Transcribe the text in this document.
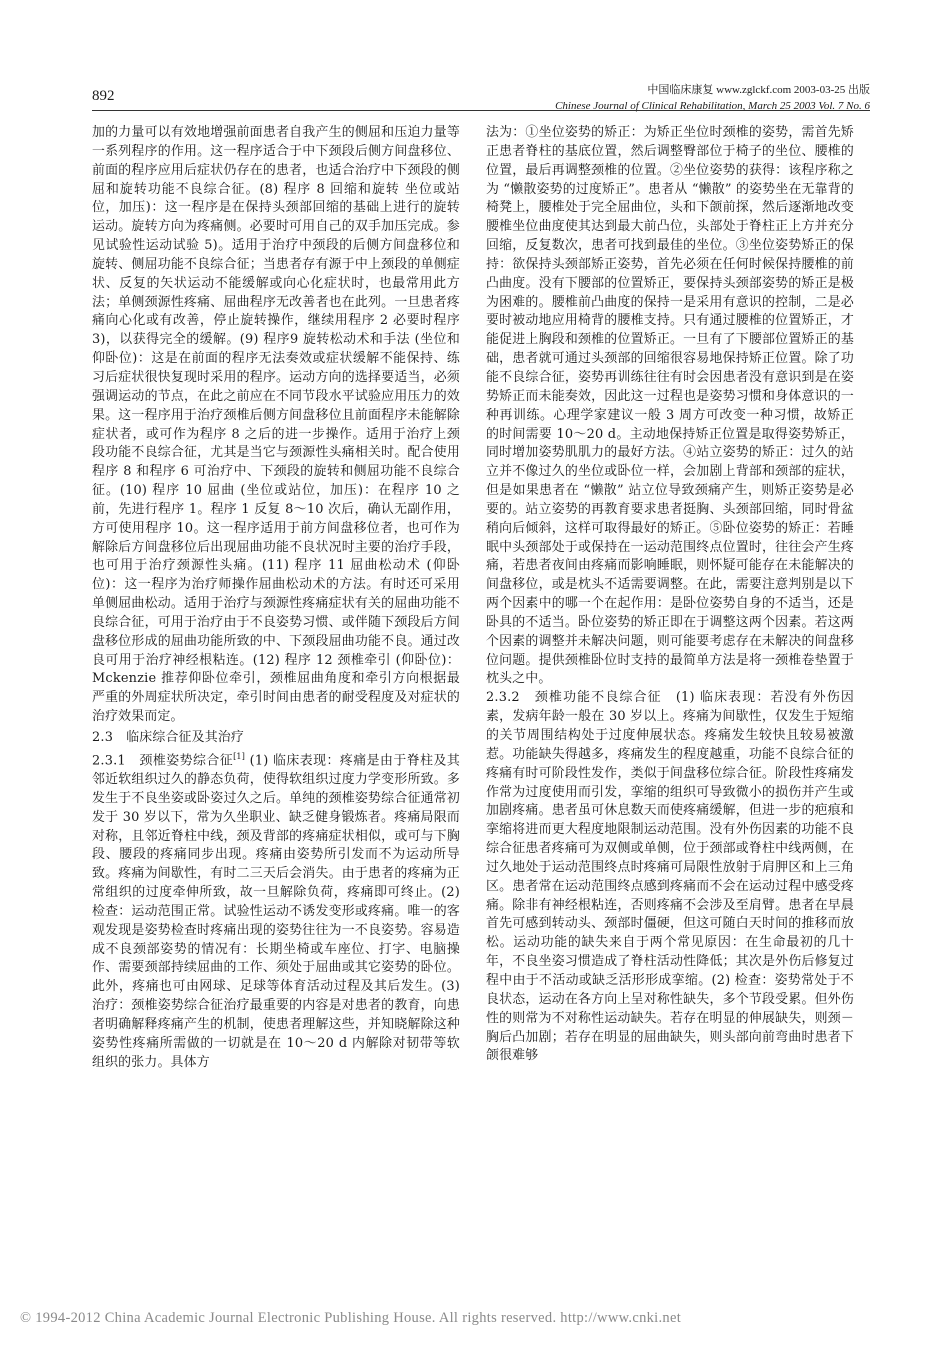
892	中国临床康复 www.zglckf.com 2003-03-25 出版
Chinese Journal of Clinical Rehabilitation, March 25 2003 Vol. 7 No. 6

加的力量可以有效地增强前面患者自我产生的侧屈和压迫力量等一系列程序的作用。这一程序适合于中下颈段后侧方间盘移位、前面的程序应用后症状仍存在的患者，也适合治疗中下颈段的侧屈和旋转功能不良综合征。(8) 程序 8 回缩和旋转 坐位或站位，加压)：这一程序是在保持头颈部回缩的基础上进行的旋转运动。旋转方向为疼痛侧。必要时可用自己的双手加压完成。参见试验性运动试验 5)。适用于治疗中颈段的后侧方间盘移位和旋转、侧屈功能不良综合征；当患者存有源于中上颈段的单侧症状、反复的矢状运动不能缓解或向心化症状时，也最常用此方法；单侧颈源性疼痛、屈曲程序无改善者也在此列。一旦患者疼痛向心化或有改善，停止旋转操作，继续用程序 2 必要时程序 3)，以获得完全的缓解。(9) 程序9 旋转松动术和手法 (坐位和仰卧位)：这是在前面的程序无法奏效或症状缓解不能保持、练习后症状很快复现时采用的程序。运动方向的选择要适当，必须强调运动的节点，在此之前应在不同节段水平试验应用压力的效果。这一程序用于治疗颈椎后侧方间盘移位且前面程序未能解除症状者，或可作为程序 8 之后的进一步操作。适用于治疗上颈段功能不良综合征，尤其是当它与颈源性头痛相关时。配合使用程序 8 和程序 6 可治疗中、下颈段的旋转和侧屈功能不良综合征。(10) 程序 10 屈曲 (坐位或站位，加压)：在程序 10 之前，先进行程序 1。程序 1 反复 8～10 次后，确认无副作用，方可使用程序 10。这一程序适用于前方间盘移位者，也可作为解除后方间盘移位后出现屈曲功能不良状况时主要的治疗手段，也可用于治疗颈源性头痛。(11) 程序 11 屈曲松动术 (仰卧位)：这一程序为治疗师操作屈曲松动术的方法。有时还可采用单侧屈曲松动。适用于治疗与颈源性疼痛症状有关的屈曲功能不良综合征，可用于治疗由于不良姿势习惯、或伴随下颈段后方间盘移位形成的屈曲功能所致的中、下颈段屈曲功能不良。通过改良可用于治疗神经根粘连。(12) 程序 12 颈椎牵引 (仰卧位)：Mckenzie 推荐仰卧位牵引，颈椎屈曲角度和牵引方向根据最严重的外周症状所决定，牵引时间由患者的耐受程度及对症状的治疗效果而定。

2.3　临床综合征及其治疗

2.3.1　颈椎姿势综合征[1] (1) 临床表现：疼痛是由于脊柱及其邻近软组织过久的静态负荷，使得软组织过度力学变形所致。多发生于不良坐姿或卧姿过久之后。单纯的颈椎姿势综合征通常初发于 30 岁以下，常为久坐职业、缺乏健身锻炼者。疼痛局限而对称，且邻近脊柱中线，颈及背部的疼痛症状相似，或可与下胸段、腰段的疼痛同步出现。疼痛由姿势所引发而不为运动所导致。疼痛为间歇性，有时二三天后会消失。由于患者的疼痛为正常组织的过度牵伸所致，故一旦解除负荷，疼痛即可终止。(2) 检查：运动范围正常。试验性运动不诱发变形或疼痛。唯一的客观发现是姿势检查时疼痛出现的姿势往往为一不良姿势。容易造成不良颈部姿势的情况有：长期坐椅或车座位、打字、电脑操作、需要颈部持续屈曲的工作、须处于屈曲或其它姿势的卧位。此外，疼痛也可由网球、足球等体育活动过程及其后发生。(3) 治疗：颈椎姿势综合征治疗最重要的内容是对患者的教育，向患者明确解释疼痛产生的机制，使患者理解这些，并知晓解除这种姿势性疼痛所需做的一切就是在 10～20 d 内解除对韧带等软组织的张力。具体方

法为：①坐位姿势的矫正：为矫正坐位时颈椎的姿势，需首先矫正患者脊柱的基底位置，然后调整臀部位于椅子的坐位、腰椎的位置，最后再调整颈椎的位置。②坐位姿势的获得：该程序称之为 “懒散姿势的过度矫正”。患者从 “懒散” 的姿势坐在无靠背的椅凳上，腰椎处于完全屈曲位，头和下颌前探，然后逐渐地改变腰椎坐位曲度使其达到最大前凸位，头部处于脊柱正上方并充分回缩，反复数次，患者可找到最佳的坐位。③坐位姿势矫正的保持：欲保持头颈部矫正姿势，首先必须在任何时候保持腰椎的前凸曲度。没有下腰部的位置矫正，要保持头颈部姿势的矫正是极为困难的。腰椎前凸曲度的保持一是采用有意识的控制，二是必要时被动地应用椅背的腰椎支持。只有通过腰椎的位置矫正，才能促进上胸段和颈椎的位置矫正。一旦有了下腰部位置矫正的基础，患者就可通过头颈部的回缩很容易地保持矫正位置。除了功能不良综合征，姿势再训练往往有时会因患者没有意识到是在姿势矫正而未能奏效，因此这一过程也是姿势习惯和身体意识的一种再训练。心理学家建议一般 3 周方可改变一种习惯，故矫正的时间需要 10～20 d。主动地保持矫正位置是取得姿势矫正，同时增加姿势肌肌力的最好方法。④站立姿势的矫正：过久的站立并不像过久的坐位或卧位一样，会加剧上背部和颈部的症状，但是如果患者在 “懒散” 站立位导致颈痛产生，则矫正姿势是必要的。站立姿势的再教育要求患者挺胸、头颈部回缩，同时骨盆稍向后倾斜，这样可取得最好的矫正。⑤卧位姿势的矫正：若睡眠中头颈部处于或保持在一运动范围终点位置时，往往会产生疼痛，若患者夜间由疼痛而影响睡眠，则怀疑可能存在未能解决的间盘移位，或是枕头不适需要调整。在此，需要注意判别是以下两个因素中的哪一个在起作用：是卧位姿势自身的不适当，还是卧具的不适当。卧位姿势的矫正即在于调整这两个因素。若这两个因素的调整并未解决问题，则可能要考虑存在未解决的间盘移位问题。提供颈椎卧位时支持的最简单方法是将一颈椎卷垫置于枕头之中。

2.3.2　颈椎功能不良综合征　 (1) 临床表现：若没有外伤因素，发病年龄一般在 30 岁以上。疼痛为间歇性，仅发生于短缩的关节周围结构处于过度伸展状态。疼痛发生较快且较易被激惹。功能缺失得越多，疼痛发生的程度越重，功能不良综合征的疼痛有时可阶段性发作，类似于间盘移位综合征。阶段性疼痛发作常为过度使用而引发，挛缩的组织可导致微小的损伤并产生或加剧疼痛。患者虽可休息数天而使疼痛缓解，但进一步的疤痕和挛缩将进而更大程度地限制运动范围。没有外伤因素的功能不良综合征患者疼痛可为双侧或单侧，位于颈部或脊柱中线两侧，在过久地处于运动范围终点时疼痛可局限性放射于肩胛区和上三角区。患者常在运动范围终点感到疼痛而不会在运动过程中感受疼痛。除非有神经根粘连，否则疼痛不会涉及至肩臂。患者在早晨首先可感到转动头、颈部时僵硬，但这可随白天时间的推移而放松。运动功能的缺失来自于两个常见原因：在生命最初的几十年，不良坐姿习惯造成了脊柱活动性降低；其次是外伤后修复过程中由于不活动或缺乏活形形成挛缩。(2) 检查：姿势常处于不良状态，运动在各方向上呈对称性缺失，多个节段受累。但外伤性的则常为不对称性运动缺失。若存在明显的伸展缺失，则颈－胸后凸加剧；若存在明显的屈曲缺失，则头部向前弯曲时患者下颌很难够

© 1994-2012 China Academic Journal Electronic Publishing House. All rights reserved. http://www.cnki.net
